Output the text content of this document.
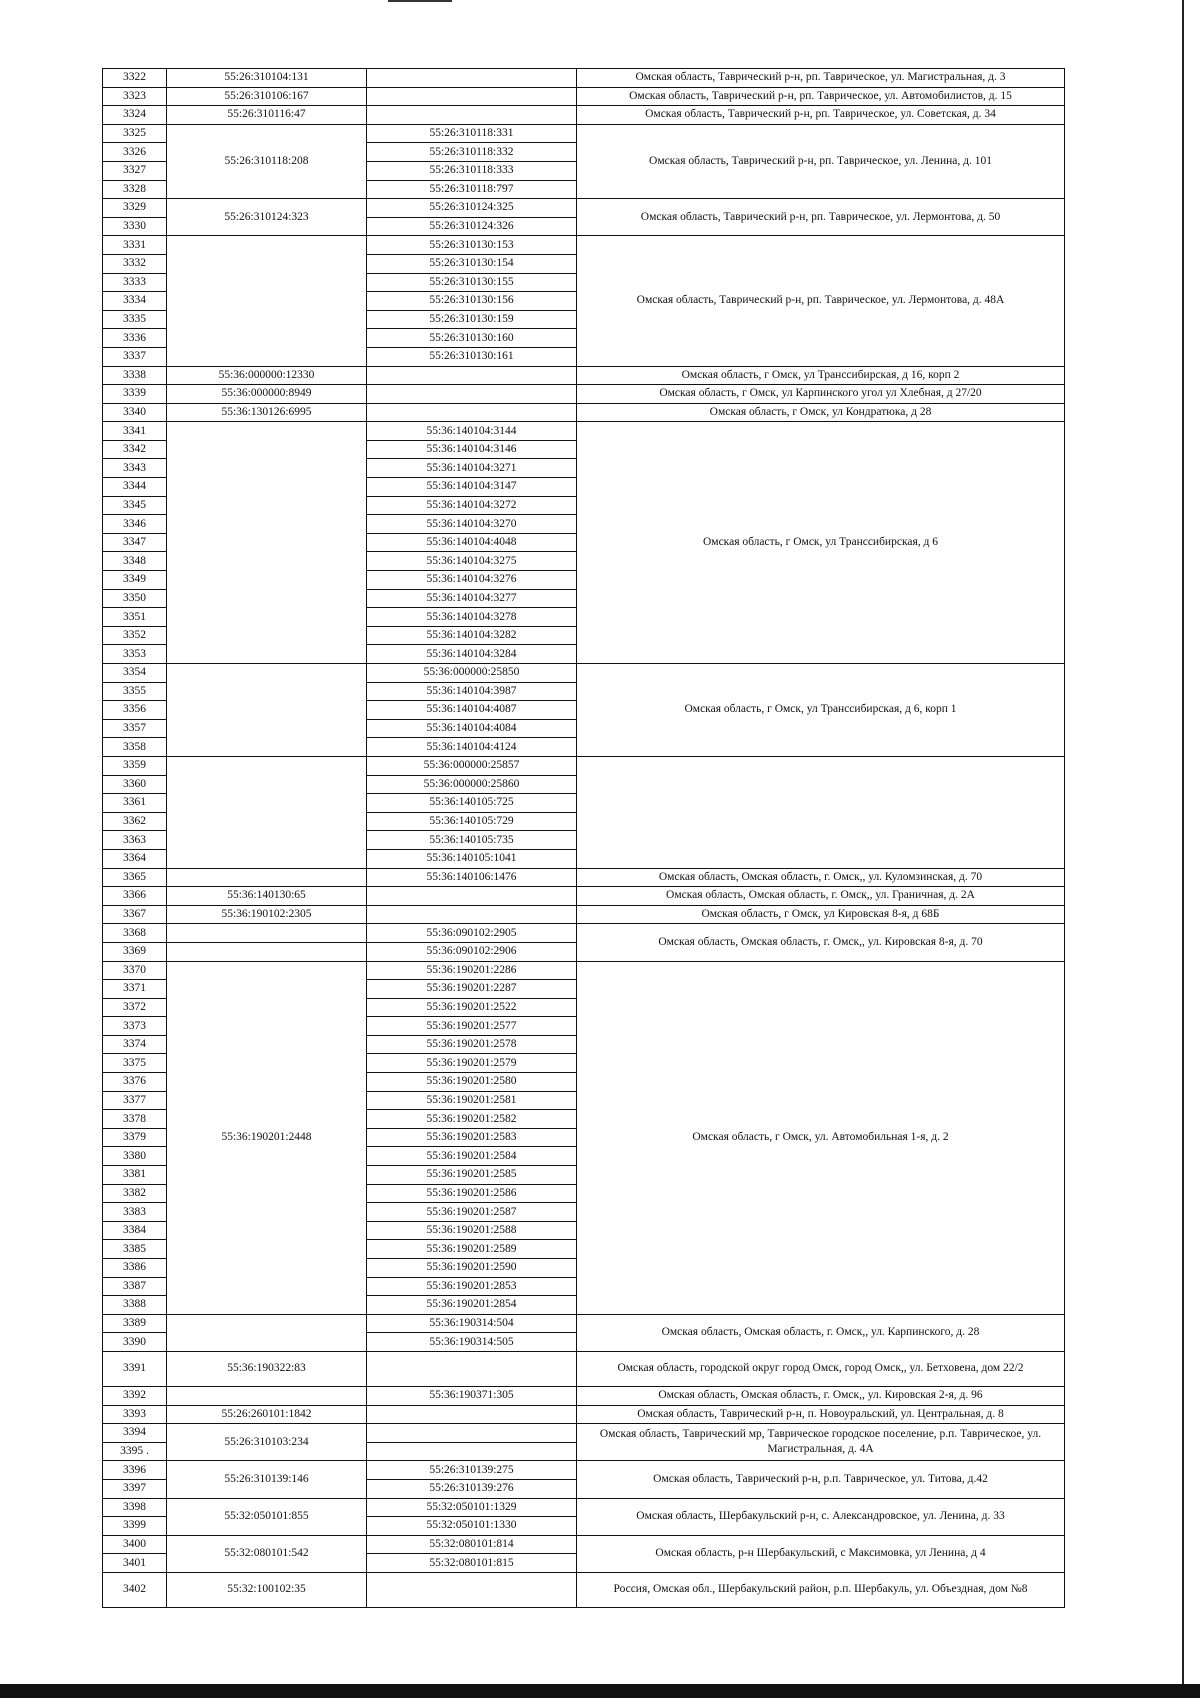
3322	55:26:310104:131		Омская область, Таврический р-н, рп. Таврическое, ул. Магистральная, д. 3
3323	55:26:310106:167		Омская область, Таврический р-н, рп. Таврическое, ул. Автомобилистов, д. 15
3324	55:26:310116:47		Омская область, Таврический р-н, рп. Таврическое, ул. Советская, д. 34
3325	55:26:310118:208	55:26:310118:331	Омская область, Таврический р-н, рп. Таврическое, ул. Ленина, д. 101
3326		55:26:310118:332	
3327		55:26:310118:333	
3328		55:26:310118:797	
3329	55:26:310124:323	55:26:310124:325	Омская область, Таврический р-н, рп. Таврическое, ул. Лермонтова, д. 50
3330		55:26:310124:326	
3331		55:26:310130:153	Омская область, Таврический р-н, рп. Таврическое, ул. Лермонтова, д. 48А
3332		55:26:310130:154	
3333		55:26:310130:155	
3334		55:26:310130:156	
3335		55:26:310130:159	
3336		55:26:310130:160	
3337		55:26:310130:161	
3338	55:36:000000:12330		Омская область, г Омск, ул Транссибирская, д 16, корп 2
3339	55:36:000000:8949		Омская область, г Омск, ул Карпинского угол ул Хлебная, д 27/20
3340	55:36:130126:6995		Омская область, г Омск, ул Кондратюка, д 28
3341		55:36:140104:3144	Омская область, г Омск, ул Транссибирская, д 6
3342		55:36:140104:3146	
3343		55:36:140104:3271	
3344		55:36:140104:3147	
3345		55:36:140104:3272	
3346		55:36:140104:3270	
3347		55:36:140104:4048	
3348		55:36:140104:3275	
3349		55:36:140104:3276	
3350		55:36:140104:3277	
3351		55:36:140104:3278	
3352		55:36:140104:3282	
3353		55:36:140104:3284	
3354		55:36:000000:25850	Омская область, г Омск, ул Транссибирская, д 6, корп 1
3355		55:36:140104:3987	
3356		55:36:140104:4087	
3357		55:36:140104:4084	
3358		55:36:140104:4124	
3359		55:36:000000:25857	
3360		55:36:000000:25860	
3361		55:36:140105:725	
3362		55:36:140105:729	
3363		55:36:140105:735	
3364		55:36:140105:1041	
3365		55:36:140106:1476	Омская область, Омская область, г. Омск,, ул. Кулом‌зинская, д. 70
3366	55:36:140130:65		Омская область, Омская область, г. Омск,, ул. Граничная, д. 2А
3367	55:36:190102:2305		Омская область, г Омск, ул Кировская 8-я, д 68Б
3368		55:36:090102:2905	Омская область, Омская область, г. Омск,, ул. Кировская 8-я, д. 70
3369		55:36:090102:2906	
3370	55:36:190201:2448	55:36:190201:2286	Омская область, г Омск, ул. Автомобильная 1-я, д. 2
3371		55:36:190201:2287	
3372		55:36:190201:2522	
3373		55:36:190201:2577	
3374		55:36:190201:2578	
3375		55:36:190201:2579	
3376		55:36:190201:2580	
3377		55:36:190201:2581	
3378		55:36:190201:2582	
3379		55:36:190201:2583	
3380		55:36:190201:2584	
3381		55:36:190201:2585	
3382		55:36:190201:2586	
3383		55:36:190201:2587	
3384		55:36:190201:2588	
3385		55:36:190201:2589	
3386		55:36:190201:2590	
3387		55:36:190201:2853	
3388		55:36:190201:2854	
3389		55:36:190314:504	Омская область, Омская область, г. Омск,, ул. Карпинского, д. 28
3390		55:36:190314:505	
3391	55:36:190322:83		Омская область, городской округ город Омск, город Омск,, ул. Бетховена, дом 22/2
3392		55:36:190371:305	Омская область, Омская область, г. Омск,, ул. Кировская 2-я, д. 96
3393	55:26:260101:1842		Омская область, Таврический р-н, п. Новоуральский, ул. Центральная, д. 8
3394	55:26:310103:234		Омская область, Таврический мр, Таврическое городское поселение, р.п. Таврическое, ул. Магистральная, д. 4А
3395 .			
3396	55:26:310139:146	55:26:310139:275	Омская область, Таврический р-н, р.п. Таврическое, ул. Титова, д.42
3397		55:26:310139:276	
3398	55:32:050101:855	55:32:050101:1329	Омская область, Шербакульский р-н, с. Александровское, ул. Ленина, д. 33
3399		55:32:050101:1330	
3400	55:32:080101:542	55:32:080101:814	Омская область, р-н Шербакульский, с Максимовка, ул Ленина, д 4
3401		55:32:080101:815	
3402	55:32:100102:35		Россия, Омская обл., Шербакульский район, р.п. Шербакуль, ул. Объездная, дом №8
